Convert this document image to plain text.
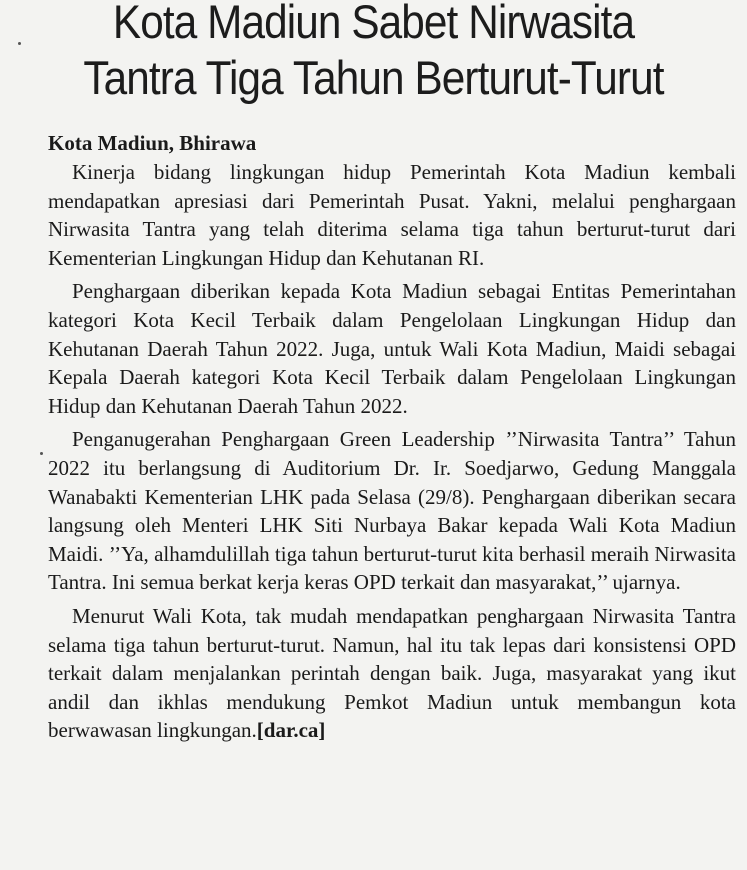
Kota Madiun Sabet Nirwasita
Tantra Tiga Tahun Berturut-Turut
Kota Madiun, Bhirawa

Kinerja bidang lingkungan hidup Pemerintah Kota Madiun kembali mendapatkan apresiasi dari Pemerintah Pusat. Yakni, melalui penghargaan Nirwasita Tantra yang telah diterima selama tiga tahun berturut-turut dari Kementerian Lingkungan Hidup dan Kehutanan RI.

Penghargaan diberikan kepada Kota Madiun sebagai Entitas Pemerintahan kategori Kota Kecil Terbaik dalam Pengelolaan Lingkungan Hidup dan Kehutanan Daerah Tahun 2022. Juga, untuk Wali Kota Madiun, Maidi sebagai Kepala Daerah kategori Kota Kecil Terbaik dalam Pengelolaan Lingkungan Hidup dan Kehutanan Daerah Tahun 2022.

Penganugerahan Penghargaan Green Leadership ’’Nirwasita Tantra’’ Tahun 2022 itu berlangsung di Auditorium Dr. Ir. Soedjarwo, Gedung Manggala Wanabakti Kementerian LHK pada Selasa (29/8). Penghargaan diberikan secara langsung oleh Menteri LHK Siti Nurbaya Bakar kepada Wali Kota Madiun Maidi. ’’Ya, alhamdulillah tiga tahun berturut-turut kita berhasil meraih Nirwasita Tantra. Ini semua berkat kerja keras OPD terkait dan masyarakat,’’ ujarnya.

Menurut Wali Kota, tak mudah mendapatkan penghargaan Nirwasita Tantra selama tiga tahun berturut-turut. Namun, hal itu tak lepas dari konsistensi OPD terkait dalam menjalankan perintah dengan baik. Juga, masyarakat yang ikut andil dan ikhlas mendukung Pemkot Madiun untuk membangun kota berwawasan lingkungan.[dar.ca]
